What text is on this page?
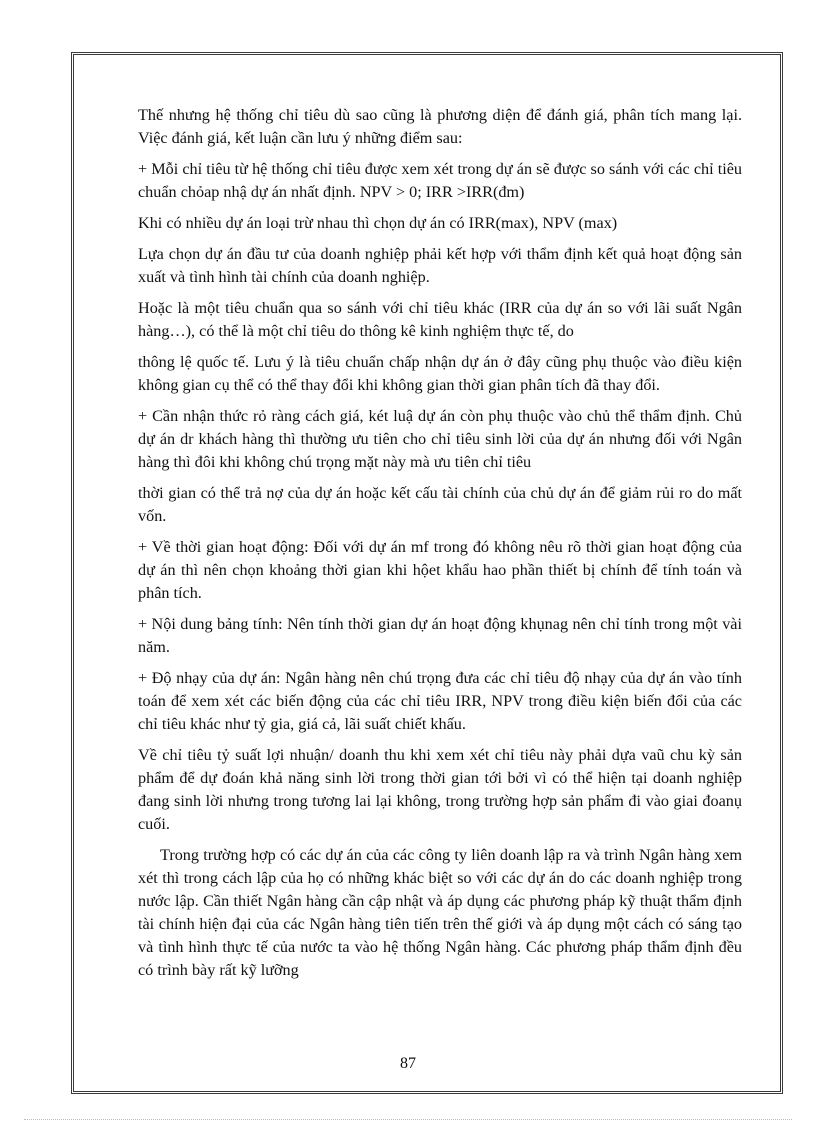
Thế nhưng hệ thống chỉ tiêu dù sao cũng là phương diện để đánh giá, phân tích mang lại. Việc đánh giá, kết luận cần lưu ý những điểm sau:

+ Mỗi chỉ tiêu từ hệ thống chỉ tiêu được xem xét trong dự án sẽ được so sánh với các chỉ tiêu chuẩn chỏap nhậ dự án nhất định. NPV > 0; IRR >IRR(đm)

Khi có nhiều dự án loại trừ nhau thì chọn dự án có IRR(max), NPV (max)

Lựa chọn dự án đầu tư của doanh nghiệp phải kết hợp với thẩm định kết quả hoạt động sản xuất và tình hình tài chính của doanh nghiệp.

Hoặc là một tiêu chuẩn qua so sánh với chỉ tiêu khác (IRR của dự án so với lãi suất Ngân hàng…), có thể là một chỉ tiêu do thông kê kinh nghiệm thực tế, do

thông lệ quốc tế. Lưu ý là tiêu chuẩn chấp nhận dự án ở đây cũng phụ thuộc vào điều kiện không gian cụ thể có thể thay đổi khi không gian thời gian phân tích đã thay đổi.

+ Cần nhận thức rỏ ràng cách giá, két luậ dự án còn phụ thuộc vào chủ thể thẩm định. Chủ dự án dr khách hàng thì thường ưu tiên cho chỉ tiêu sinh lời của dự án nhưng đối với Ngân hàng thì đôi khi không chú trọng mặt này mà ưu tiên chỉ tiêu

thời gian có thể trả nợ của dự án hoặc kết cấu tài chính của chủ dự án để giảm rủi ro do mất vốn.

+ Về thời gian hoạt động: Đối với dự án mf trong đó không nêu rõ thời gian hoạt động của dự án thì nên chọn khoảng thời gian khi hộet khẩu hao phần thiết bị chính để tính toán và phân tích.

+ Nội dung bảng tính: Nên tính thời gian dự án hoạt động khụnag nên chỉ tính trong một vài năm.

+ Độ nhạy của dự án: Ngân hàng nên chú trọng đưa các chỉ tiêu độ nhạy của dự án vào tính toán để xem xét các biến động của các chỉ tiêu IRR, NPV trong điều kiện biến đổi của các chỉ tiêu khác như tỷ gia, giá cả, lãi suất chiết khấu.

Về chỉ tiêu tỷ suất lợi nhuận/ doanh thu khi xem xét chỉ tiêu này phải dựa vaũ chu kỳ sản phẩm để dự đoán khả năng sinh lời trong thời gian tới bởi vì có thể hiện tại doanh nghiệp đang sinh lời nhưng trong tương lai lại không, trong trường hợp sản phẩm đi vào giai đoanụ cuối.

Trong trường hợp có các dự án của các công ty liên doanh lập ra và trình Ngân hàng xem xét thì trong cách lập của họ có những khác biệt so với các dự án do các doanh nghiệp trong nước lập. Cần thiết Ngân hàng cần cập nhật và áp dụng các phương pháp kỹ thuật thẩm định tài chính hiện đại của các Ngân hàng tiên tiến trên thế giới và áp dụng một cách có sáng tạo và tình hình thực tế của nước ta vào hệ thống Ngân hàng. Các phương pháp thẩm định đều có trình bày rất kỹ lưỡng

87
